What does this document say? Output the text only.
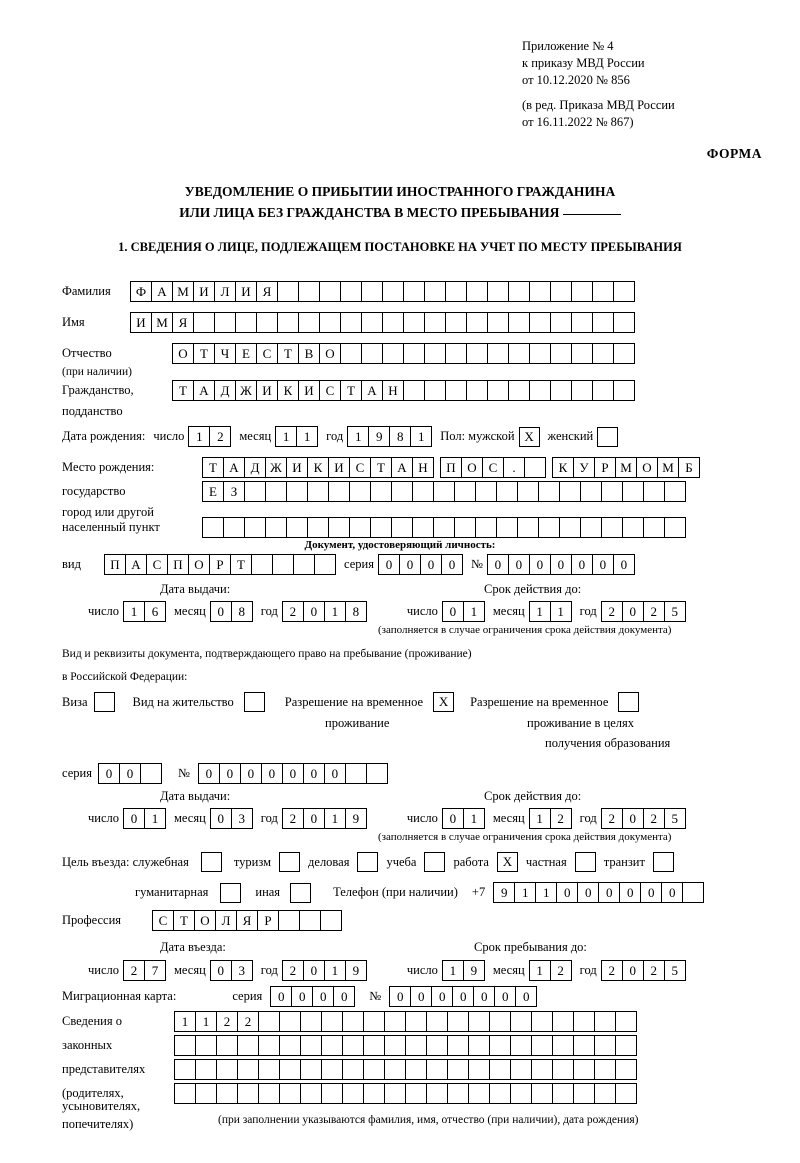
Приложение № 4
к приказу МВД России
от 10.12.2020 № 856
(в ред. Приказа МВД России
от 16.11.2022 № 867)
ФОРМА
УВЕДОМЛЕНИЕ О ПРИБЫТИИ ИНОСТРАННОГО ГРАЖДАНИНА
ИЛИ ЛИЦА БЕЗ ГРАЖДАНСТВА В МЕСТО ПРЕБЫВАНИЯ
1. СВЕДЕНИЯ О ЛИЦЕ, ПОДЛЕЖАЩЕМ ПОСТАНОВКЕ НА УЧЕТ ПО МЕСТУ ПРЕБЫВАНИЯ
Фамилия	Ф А М И Л И Я
Имя	И М Я
Отчество	О Т Ч Е С Т В О
(при наличии)
Гражданство,	Т А Д Ж И К И С Т А Н
подданство
Дата рождения: число 1	2	месяц 1	1	год 1	9	8	1	Пол: мужской X	женский
Место рождения:	Т А Д Ж И К И С Т А Н	П О С	.	К У Р М О М Б
государство	Е	З
город или другой
населенный пункт
Документ, удостоверяющий личность:
вид	П А С П О Р	Т	серия 0	0	0	0	№ 0	0	0	0	0	0	0
Дата выдачи:	Срок действия до:
число 1	6	месяц 0	8	год 2	0	1	8	число 0	1	месяц 1	1	год 2	0	2	5
(заполняется в случае ограничения срока действия документа)
Вид и реквизиты документа, подтверждающего право на пребывание (проживание)
в Российской Федерации:
Виза	Вид на жительство	Разрешение на временное	X	Разрешение на временное
проживание	проживание в целях
получения образования
серия	0	0	№	0	0	0	0	0	0	0
Дата выдачи:	Срок действия до:
число 0	1	месяц 0	3	год 2	0	1	9	число 0	1	месяц 1	2	год 2	0	2	5
(заполняется в случае ограничения срока действия документа)
Цель въезда: служебная	туризм	деловая	учеба	работа	X	частная	транзит
гуманитарная	иная	Телефон (при наличии) +7	9	1	1	0	0	0	0	0	0
Профессия	С Т О Л Я	Р
Дата въезда:	Срок пребывания до:
число 2	7	месяц 0	3	год 2	0	1	9	число 1	9	месяц 1	2	год 2	0	2	5
Миграционная карта:	серия	0	0	0	0	№	0	0	0	0	0	0	0
Сведения о	1	1	2	2
законных
представителях
(родителях,
усыновителях,
попечителях)	(при заполнении указываются фамилия, имя, отчество (при наличии), дата рождения)
